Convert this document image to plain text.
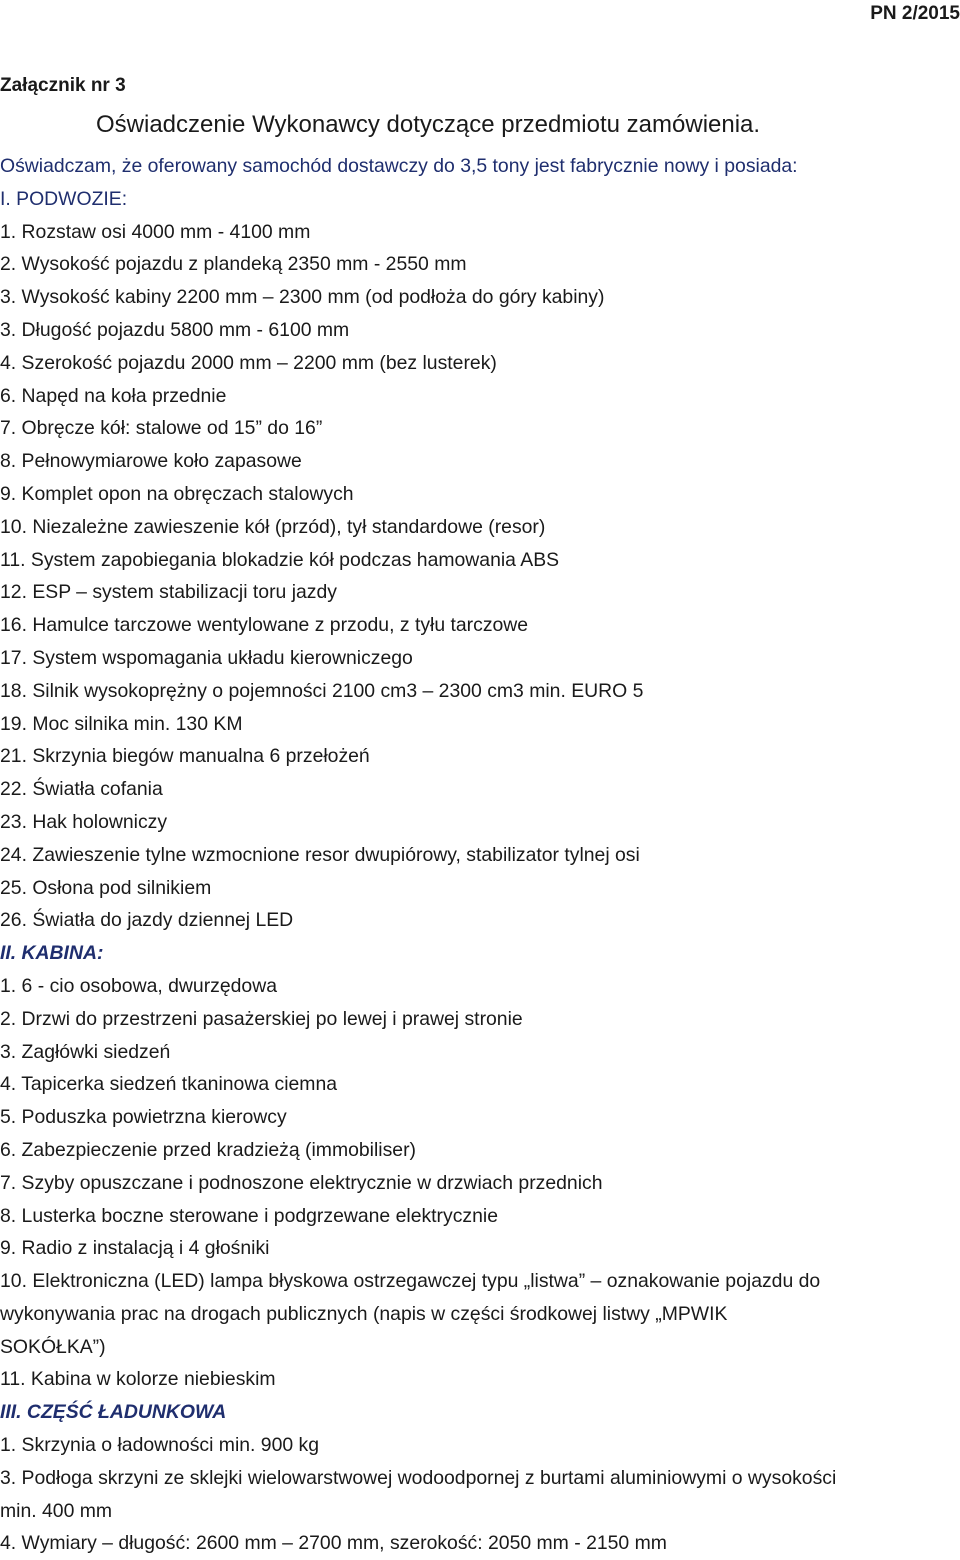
PN 2/2015
Załącznik nr 3
Oświadczenie Wykonawcy dotyczące przedmiotu zamówienia.
Oświadczam, że oferowany samochód dostawczy do 3,5 tony jest fabrycznie nowy i posiada:
I. PODWOZIE:
1. Rozstaw osi 4000 mm - 4100 mm
2. Wysokość pojazdu z plandeką 2350 mm - 2550 mm
3. Wysokość kabiny 2200 mm – 2300 mm (od podłoża do góry kabiny)
3. Długość pojazdu 5800 mm - 6100 mm
4. Szerokość pojazdu 2000 mm – 2200 mm (bez lusterek)
6. Napęd na koła przednie
7. Obręcze kół: stalowe od 15” do 16”
8. Pełnowymiarowe koło zapasowe
9. Komplet opon na obręczach stalowych
10. Niezależne zawieszenie kół (przód), tył standardowe (resor)
11. System zapobiegania blokadzie kół podczas hamowania ABS
12. ESP – system stabilizacji toru jazdy
16. Hamulce tarczowe wentylowane z przodu, z tyłu tarczowe
17. System wspomagania układu kierowniczego
18. Silnik wysokoprężny o pojemności 2100 cm3 – 2300 cm3 min. EURO 5
19. Moc silnika min. 130 KM
21. Skrzynia biegów manualna 6 przełożeń
22. Światła cofania
23. Hak holowniczy
24. Zawieszenie tylne wzmocnione resor dwupiórowy, stabilizator tylnej osi
25. Osłona pod silnikiem
26. Światła do jazdy dziennej LED
II. KABINA:
1. 6 - cio osobowa, dwurzędowa
2. Drzwi do przestrzeni pasażerskiej po lewej i prawej stronie
3. Zagłówki siedzeń
4. Tapicerka siedzeń tkaninowa ciemna
5. Poduszka powietrzna kierowcy
6. Zabezpieczenie przed kradzieżą (immobiliser)
7. Szyby opuszczane i podnoszone elektrycznie w drzwiach przednich
8. Lusterka boczne sterowane i podgrzewane elektrycznie
9. Radio z instalacją i 4 głośniki
10. Elektroniczna (LED) lampa błyskowa ostrzegawczej typu „listwa” – oznakowanie pojazdu do
wykonywania prac na drogach publicznych (napis w części środkowej listwy „MPWIK
SOKÓŁKA”)
11. Kabina w kolorze niebieskim
III. CZĘŚĆ ŁADUNKOWA
1. Skrzynia o ładowności min. 900 kg
3. Podłoga skrzyni ze sklejki wielowarstwowej wodoodpornej z burtami aluminiowymi o wysokości
min. 400 mm
4. Wymiary – długość: 2600 mm – 2700 mm, szerokość: 2050 mm - 2150 mm
